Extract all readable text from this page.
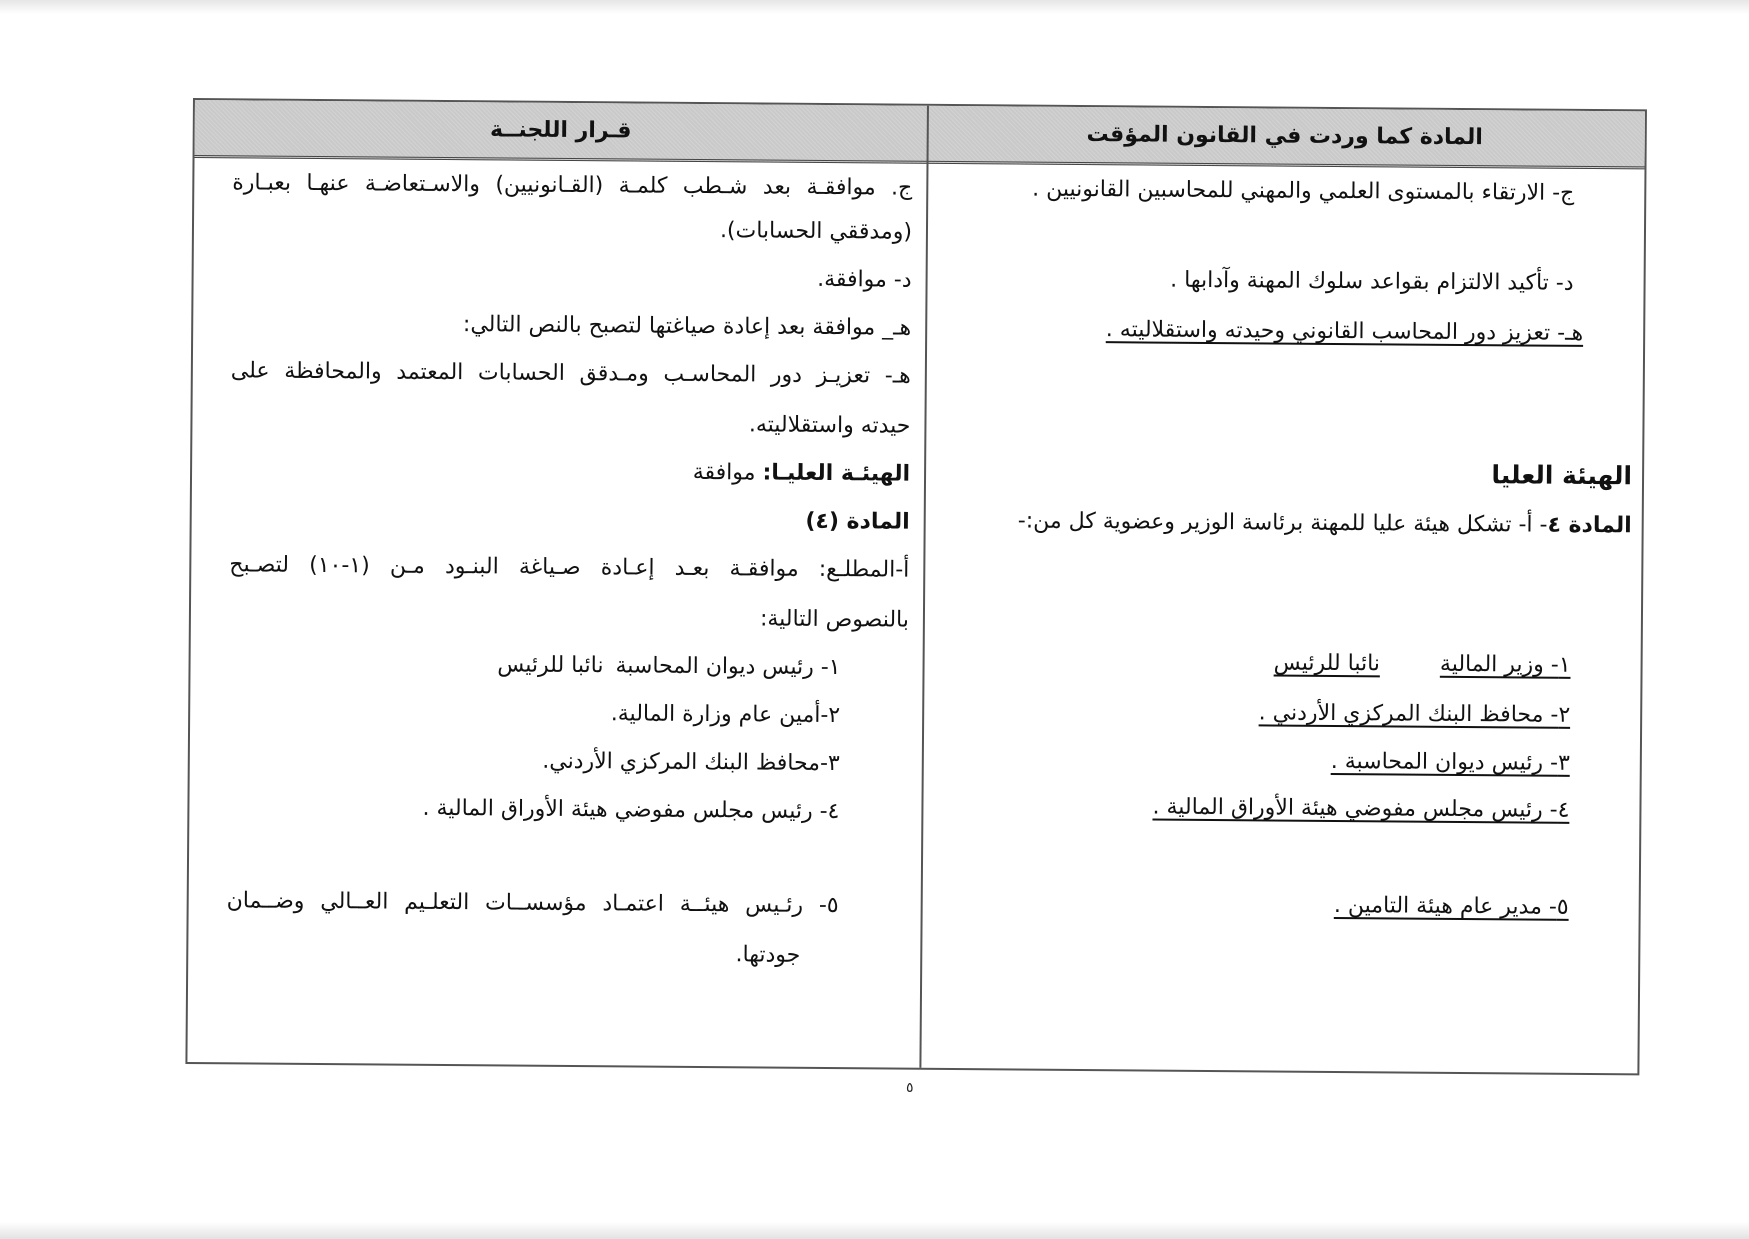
المادة كما وردت في القانون المؤقت
قـرار اللجنــة
ج- الارتقاء بالمستوى العلمي والمهني للمحاسبين القانونيين .
د- تأكيد الالتزام بقواعد سلوك المهنة وآدابها .
هـ- تعزيز دور المحاسب القانوني وحيدته واستقلاليته .
الهيئة العليا
المادة ٤- أ- تشكل هيئة عليا للمهنة برئاسة الوزير وعضوية كل من:-
١- وزير الماليةنائبا للرئيس
٢- محافظ البنك المركزي الأردني .
٣- رئيس ديوان المحاسبة .
٤- رئيس مجلس مفوضي هيئة الأوراق المالية .
٥- مدير عام هيئة التامين .
ج. موافقـة بعد شـطب كلمـة (القـانونيين) والاسـتعاضـة عنهـا بعبـارة
(ومدققي الحسابات).
د- موافقة.
هـ_ موافقة بعد إعادة صياغتها لتصبح بالنص التالي:
هـ- تعزيـز دور المحاسـب ومـدقق الحسابات المعتمد والمحافظة على
حيدته واستقلاليته.
الهيئـة العليـا: موافقة
المادة (٤)
أ-المطلـع: موافقـة بعـد إعـادة صـياغة البنـود مـن (١-١٠) لتصـبح
بالنصوص التالية:
١- رئيس ديوان المحاسبةنائبا للرئيس
٢-أمين عام وزارة المالية.
٣-محافظ البنك المركزي الأردني.
٤- رئيس مجلس مفوضي هيئة الأوراق المالية .
٥- رئـيس هيئــة اعتمـاد مؤسســات التعلـيم العــالي وضــمان
جودتها.
٥
